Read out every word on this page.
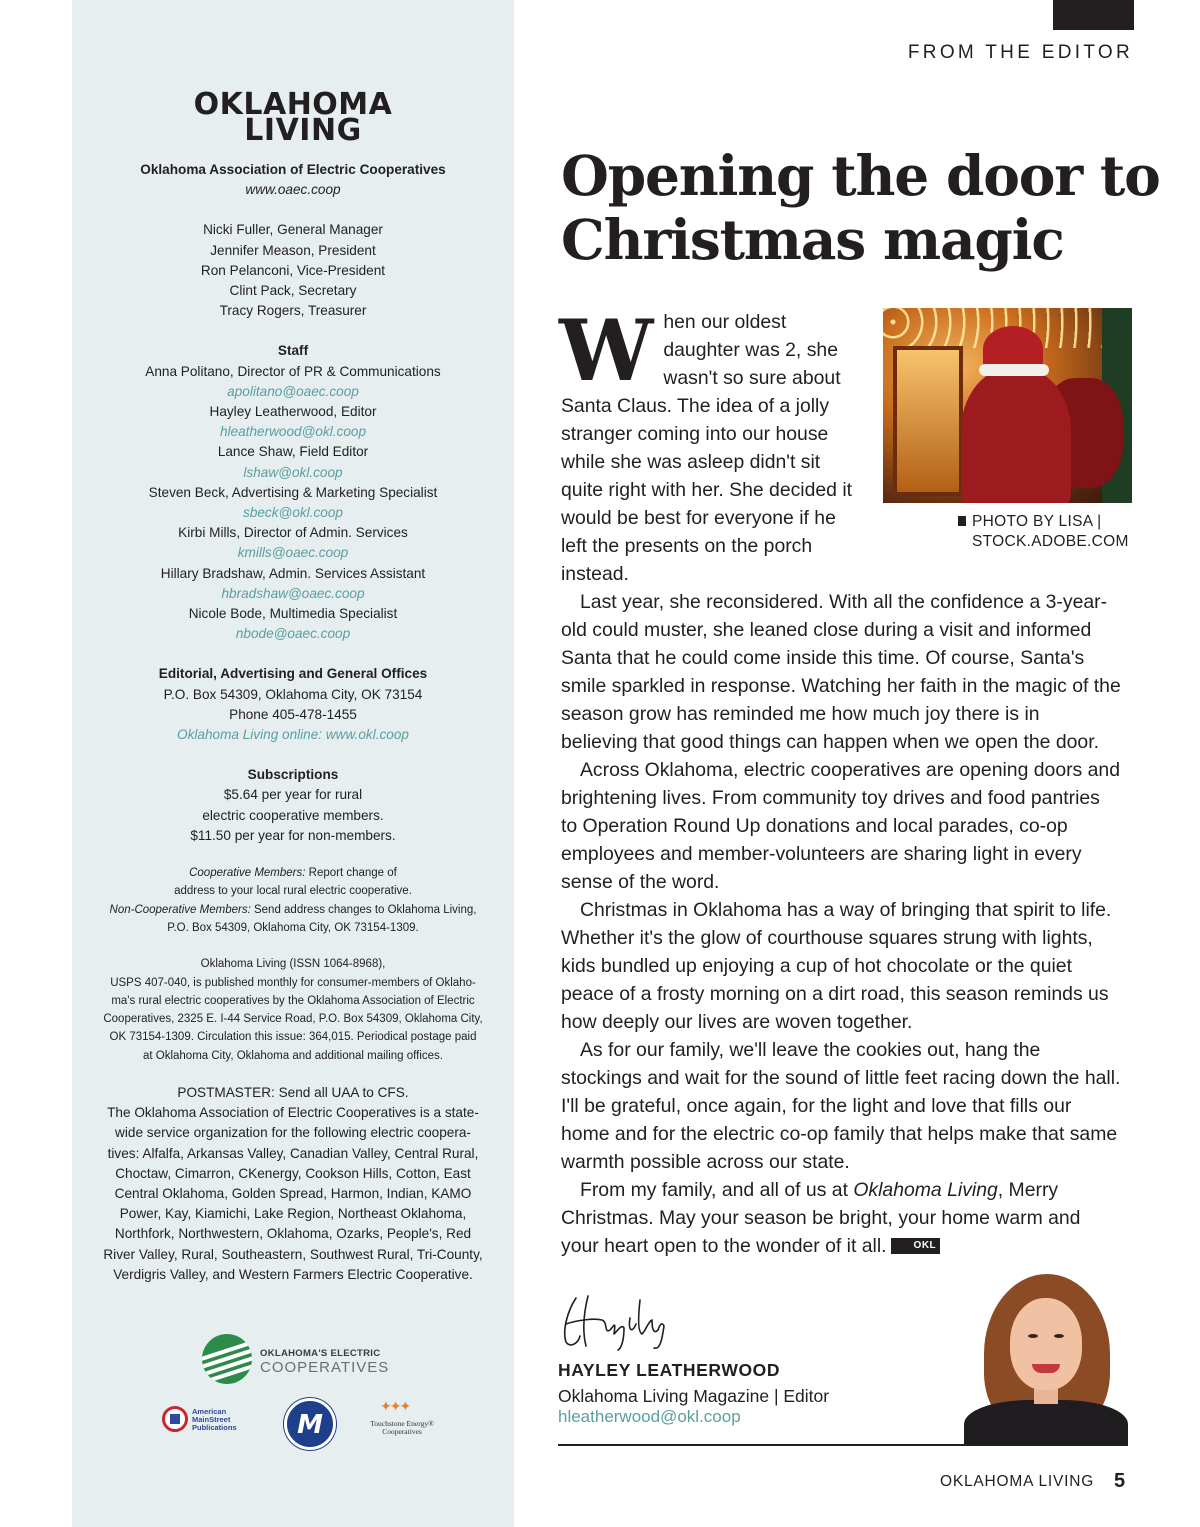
OKLAHOMA
LIVING
Oklahoma Association of Electric Cooperatives
www.oaec.coop
Nicki Fuller, General Manager
Jennifer Meason, President
Ron Pelanconi, Vice-President
Clint Pack, Secretary
Tracy Rogers, Treasurer
Staff
Anna Politano, Director of PR & Communications
apolitano@oaec.coop
Hayley Leatherwood, Editor
hleatherwood@okl.coop
Lance Shaw, Field Editor
lshaw@okl.coop
Steven Beck, Advertising & Marketing Specialist
sbeck@okl.coop
Kirbi Mills, Director of Admin. Services
kmills@oaec.coop
Hillary Bradshaw, Admin. Services Assistant
hbradshaw@oaec.coop
Nicole Bode, Multimedia Specialist
nbode@oaec.coop
Editorial, Advertising and General Offices
P.O. Box 54309, Oklahoma City, OK 73154
Phone 405-478-1455
Oklahoma Living online: www.okl.coop
Subscriptions
$5.64 per year for rural
electric cooperative members.
$11.50 per year for non-members.
Cooperative Members: Report change of
address to your local rural electric cooperative.
Non-Cooperative Members: Send address changes to Oklahoma Living,
P.O. Box 54309, Oklahoma City, OK 73154-1309.
Oklahoma Living (ISSN 1064-8968),
USPS 407-040, is published monthly for consumer-members of Oklaho-
ma's rural electric cooperatives by the Oklahoma Association of Electric
Cooperatives, 2325 E. I-44 Service Road, P.O. Box 54309, Oklahoma City,
OK 73154-1309. Circulation this issue: 364,015. Periodical postage paid
at Oklahoma City, Oklahoma and additional mailing offices.
POSTMASTER: Send all UAA to CFS.
The Oklahoma Association of Electric Cooperatives is a state-
wide service organization for the following electric coopera-
tives: Alfalfa, Arkansas Valley, Canadian Valley, Central Rural,
Choctaw, Cimarron, CKenergy, Cookson Hills, Cotton, East
Central Oklahoma, Golden Spread, Harmon, Indian, KAMO
Power, Kay, Kiamichi, Lake Region, Northeast Oklahoma,
Northfork, Northwestern, Oklahoma, Ozarks, People's, Red
River Valley, Rural, Southeastern, Southwest Rural, Tri-County,
Verdigris Valley, and Western Farmers Electric Cooperative.
OKLAHOMA'S ELECTRIC
COOPERATIVES
American
MainStreet
Publications	M
✦✦✦
Touchstone Energy®
Cooperatives
FROM THE EDITOR
Opening the door to
Christmas magic
PHOTO BY LISA |
STOCK.ADOBE.COM

When our oldest daughter was 2, she wasn't so sure about Santa Claus. The idea of a jolly stranger coming into our house while she was asleep didn't sit quite right with her. She decided it would be best for everyone if he left the presents on the porch instead.

Last year, she reconsidered. With all the confidence a 3-year-old could muster, she leaned close during a visit and informed Santa that he could come inside this time. Of course, Santa's smile sparkled in response. Watching her faith in the magic of the season grow has reminded me how much joy there is in believing that good things can happen when we open the door.

Across Oklahoma, electric cooperatives are opening doors and brightening lives. From community toy drives and food pantries to Operation Round Up donations and local parades, co-op employees and member-volunteers are sharing light in every sense of the word.

Christmas in Oklahoma has a way of bringing that spirit to life. Whether it's the glow of courthouse squares strung with lights, kids bundled up enjoying a cup of hot chocolate or the quiet peace of a frosty morning on a dirt road, this season reminds us how deeply our lives are woven together.

As for our family, we'll leave the cookies out, hang the stockings and wait for the sound of little feet racing down the hall. I'll be grateful, once again, for the light and love that fills our home and for the electric co-op family that helps make that same warmth possible across our state.

From my family, and all of us at Oklahoma Living, Merry Christmas. May your season be bright, your home warm and your heart open to the wonder of it all.	OKL

HAYLEY LEATHERWOOD
Oklahoma Living Magazine | Editor
hleatherwood@okl.coop
OKLAHOMA LIVING 5
